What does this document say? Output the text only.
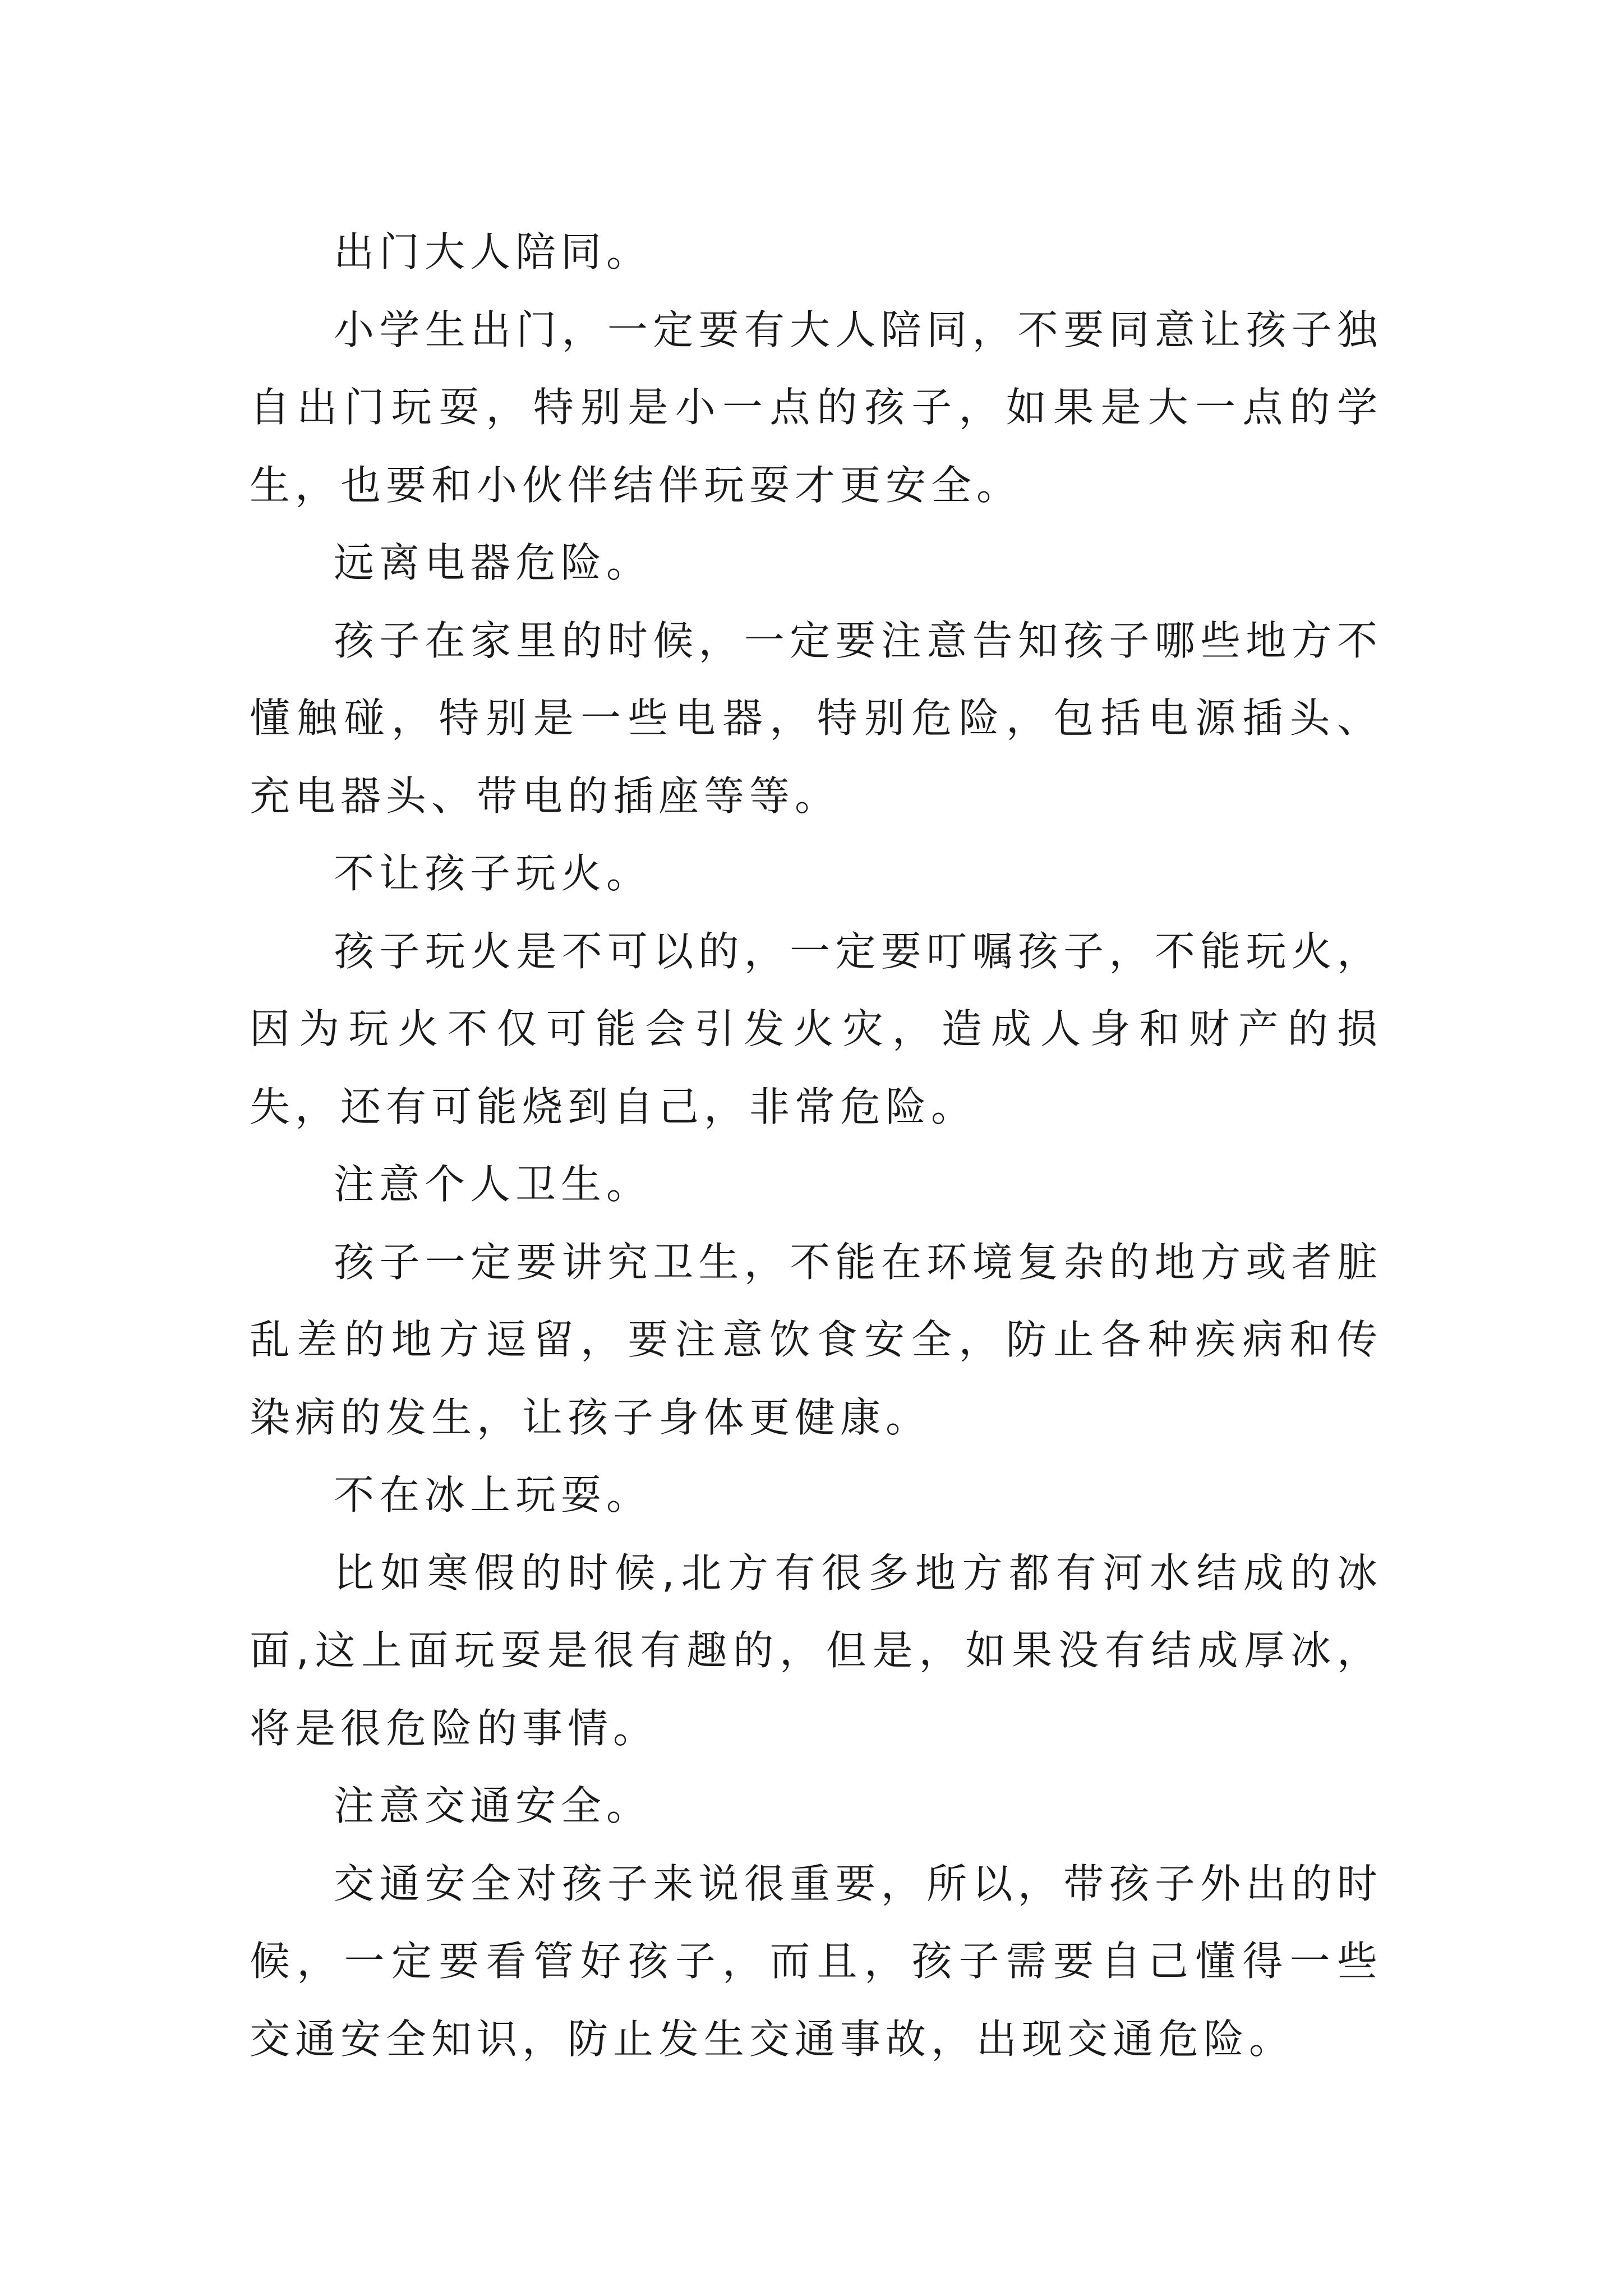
出门大人陪同。

小学生出门，一定要有大人陪同，不要同意让孩子独自出门玩耍，特别是小一点的孩子，如果是大一点的学生，也要和小伙伴结伴玩耍才更安全。

远离电器危险。

孩子在家里的时候，一定要注意告知孩子哪些地方不懂触碰，特别是一些电器，特别危险，包括电源插头、充电器头、带电的插座等等。

不让孩子玩火。

孩子玩火是不可以的，一定要叮嘱孩子，不能玩火，因为玩火不仅可能会引发火灾，造成人身和财产的损失，还有可能烧到自己，非常危险。

注意个人卫生。

孩子一定要讲究卫生，不能在环境复杂的地方或者脏乱差的地方逗留，要注意饮食安全，防止各种疾病和传染病的发生，让孩子身体更健康。

不在冰上玩耍。

比如寒假的时候,北方有很多地方都有河水结成的冰面,这上面玩耍是很有趣的，但是，如果没有结成厚冰，将是很危险的事情。

注意交通安全。

交通安全对孩子来说很重要，所以，带孩子外出的时候，一定要看管好孩子，而且，孩子需要自己懂得一些交通安全知识，防止发生交通事故，出现交通危险。
